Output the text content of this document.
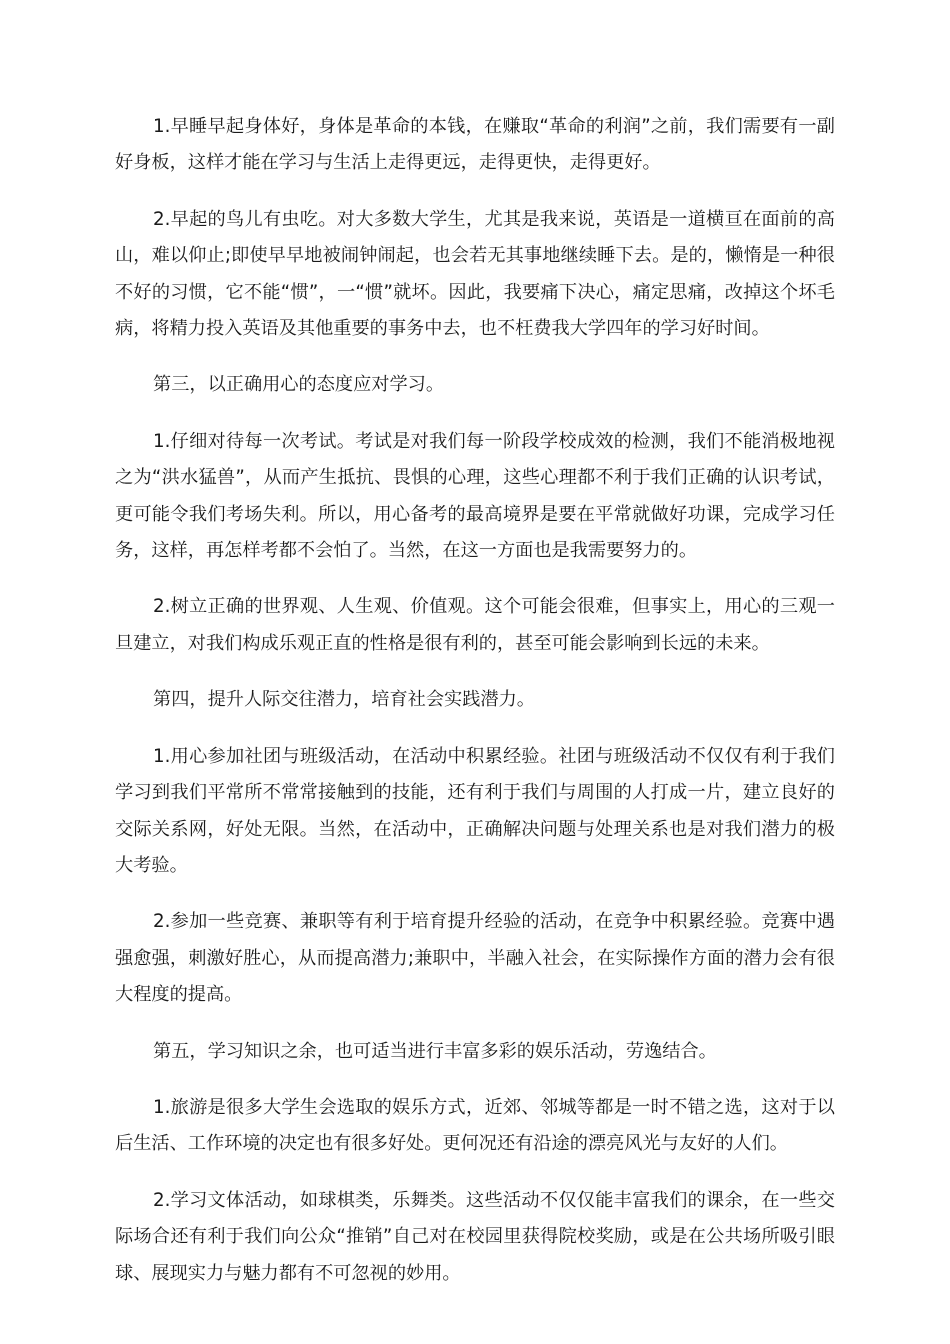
1.早睡早起身体好，身体是革命的本钱，在赚取“革命的利润”之前，我们需要有一副好身板，这样才能在学习与生活上走得更远，走得更快，走得更好。

2.早起的鸟儿有虫吃。对大多数大学生，尤其是我来说，英语是一道横亘在面前的高山，难以仰止;即使早早地被闹钟闹起，也会若无其事地继续睡下去。是的，懒惰是一种很不好的习惯，它不能“惯”，一“惯”就坏。因此，我要痛下决心，痛定思痛，改掉这个坏毛病，将精力投入英语及其他重要的事务中去，也不枉费我大学四年的学习好时间。

第三，以正确用心的态度应对学习。

1.仔细对待每一次考试。考试是对我们每一阶段学校成效的检测，我们不能消极地视之为“洪水猛兽”，从而产生抵抗、畏惧的心理，这些心理都不利于我们正确的认识考试，更可能令我们考场失利。所以，用心备考的最高境界是要在平常就做好功课，完成学习任务，这样，再怎样考都不会怕了。当然，在这一方面也是我需要努力的。

2.树立正确的世界观、人生观、价值观。这个可能会很难，但事实上，用心的三观一旦建立，对我们构成乐观正直的性格是很有利的，甚至可能会影响到长远的未来。

第四，提升人际交往潜力，培育社会实践潜力。

1.用心参加社团与班级活动，在活动中积累经验。社团与班级活动不仅仅有利于我们学习到我们平常所不常常接触到的技能，还有利于我们与周围的人打成一片，建立良好的交际关系网，好处无限。当然，在活动中，正确解决问题与处理关系也是对我们潜力的极大考验。

2.参加一些竞赛、兼职等有利于培育提升经验的活动，在竞争中积累经验。竞赛中遇强愈强，刺激好胜心，从而提高潜力;兼职中，半融入社会，在实际操作方面的潜力会有很大程度的提高。

第五，学习知识之余，也可适当进行丰富多彩的娱乐活动，劳逸结合。

1.旅游是很多大学生会选取的娱乐方式，近郊、邻城等都是一时不错之选，这对于以后生活、工作环境的决定也有很多好处。更何况还有沿途的漂亮风光与友好的人们。

2.学习文体活动，如球棋类，乐舞类。这些活动不仅仅能丰富我们的课余，在一些交际场合还有利于我们向公众“推销”自己对在校园里获得院校奖励，或是在公共场所吸引眼球、展现实力与魅力都有不可忽视的妙用。
